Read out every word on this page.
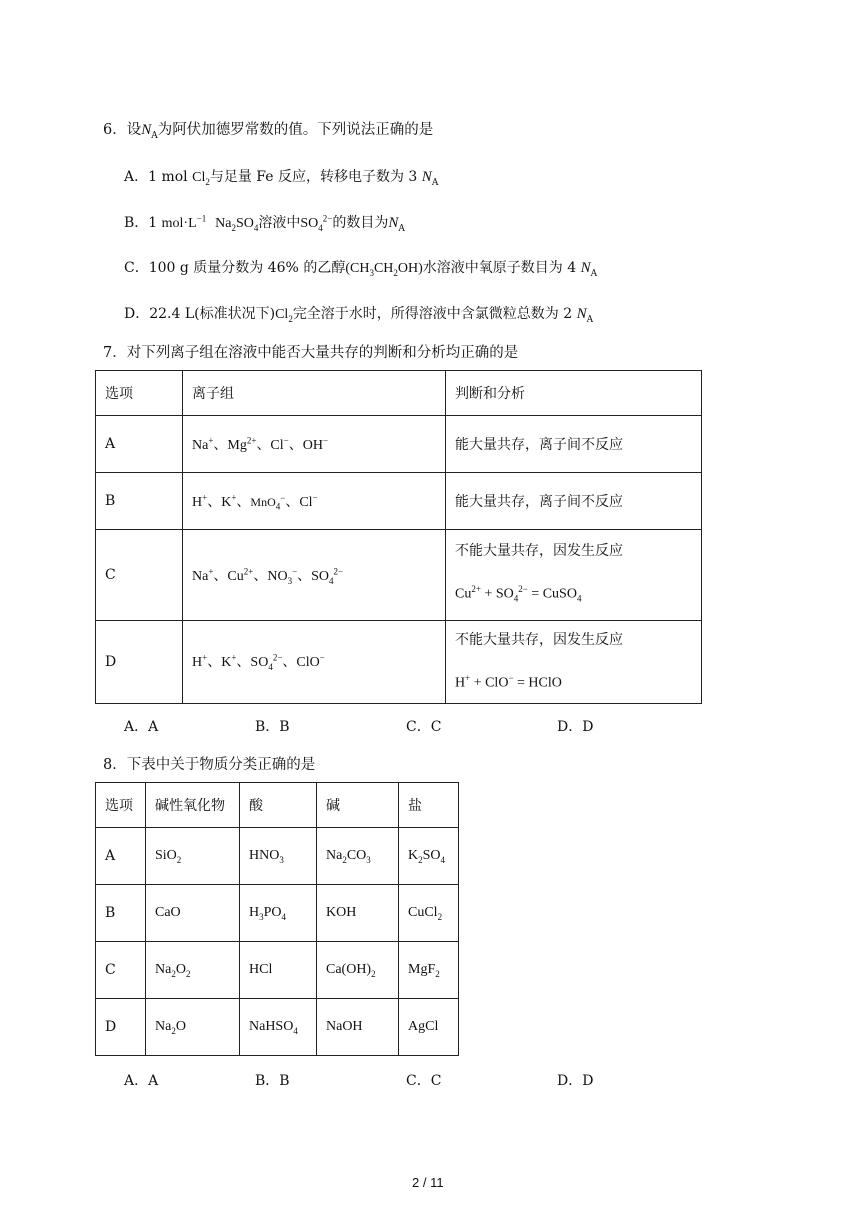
6．设$N_A$为阿伏加德罗常数的值。下列说法正确的是
A．1 mol $Cl_2$与足量 Fe 反应，转移电子数为 3 $N_A$
B．1 $mol\cdot L^{-1}$ $Na_2SO_4$溶液中$SO_4^{2-}$的数目为$N_A$
C．100 g 质量分数为 46% 的乙醇$(CH_3CH_2OH)$水溶液中氧原子数目为 4 $N_A$
D．22.4 L(标准状况下)$Cl_2$完全溶于水时，所得溶液中含氯微粒总数为 2 $N_A$
7．对下列离子组在溶液中能否大量共存的判断和分析均正确的是
选项	离子组	判断和分析
A	Na+、$Mg^{2+}$、Cl−、OH−	能大量共存，离子间不反应
B	H+、K+、MnO$_4$−、Cl−	能大量共存，离子间不反应
C	Na+、$Cu^{2+}$、$NO_3^-$、$SO_4^{2-}$	不能大量共存，因发生反应
$Cu^{2+} + SO_4^{2-}$ = CuSO$_4$

D	H+、K+、$SO_4^{2-}$、ClO−	不能大量共存，因发生反应
H+ + ClO− = HClO
A．A	B．B	C．C	D．D
8．下表中关于物质分类正确的是
选项	碱性氧化物	酸	碱	盐
A	SiO$_2$	$HNO_3$	$Na_2CO_3$	$K_2SO_4$
B	CaO	$H_3PO_4$	KOH	CuCl$_2$
C	$Na_2O_2$	HCl	$Ca(OH)_2$	MgF$_2$
D	$Na_2O$	NaHSO$_4$	NaOH	AgCl
A．A	B．B	C．C	D．D
2 / 11
